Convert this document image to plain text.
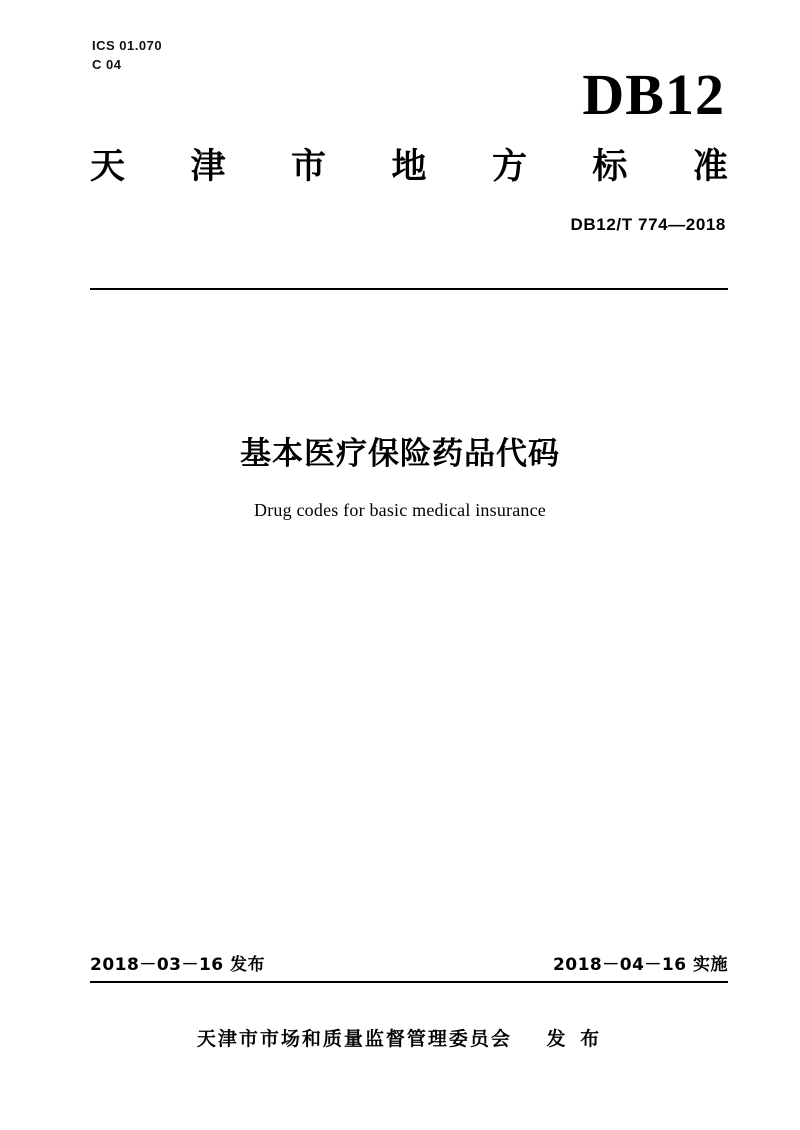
ICS 01.070
C 04	DB12
天 津 市 地 方 标 准
DB12/T 774—2018
基本医疗保险药品代码
Drug codes for basic medical insurance
2018－03－16 发布	2018－04－16 实施
天津市市场和质量监督管理委员会 发 布
